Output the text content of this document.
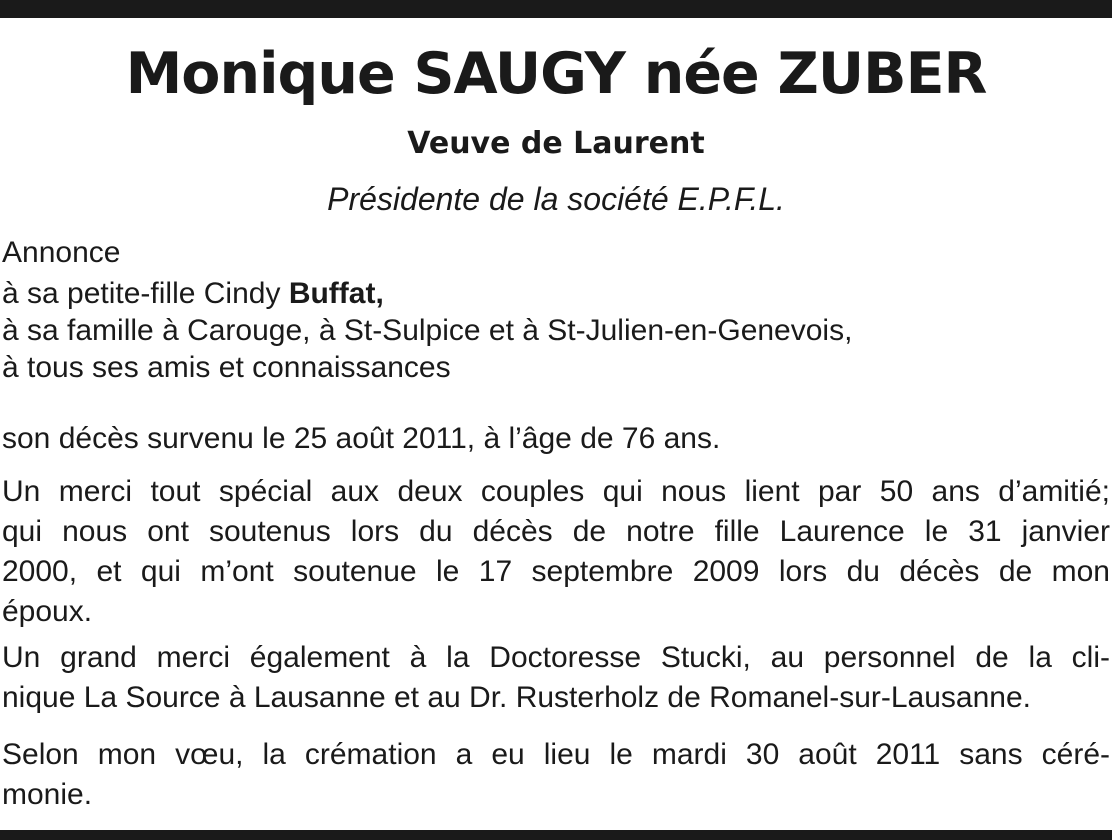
Monique SAUGY née ZUBER
Veuve de Laurent
Présidente de la société E.P.F.L.
Annonce
à sa petite-fille Cindy Buffat,
à sa famille à Carouge, à St-Sulpice et à St-Julien-en-Genevois,
à tous ses amis et connaissances
son décès survenu le 25 août 2011, à l’âge de 76 ans.
Un merci tout spécial aux deux couples qui nous lient par 50 ans d’amitié;
qui nous ont soutenus lors du décès de notre fille Laurence le 31 janvier
2000, et qui m’ont soutenue le 17 septembre 2009 lors du décès de mon
époux.
Un grand merci également à la Doctoresse Stucki, au personnel de la cli-
nique La Source à Lausanne et au Dr. Rusterholz de Romanel-sur-Lausanne.
Selon mon vœu, la crémation a eu lieu le mardi 30 août 2011 sans céré-
monie.
